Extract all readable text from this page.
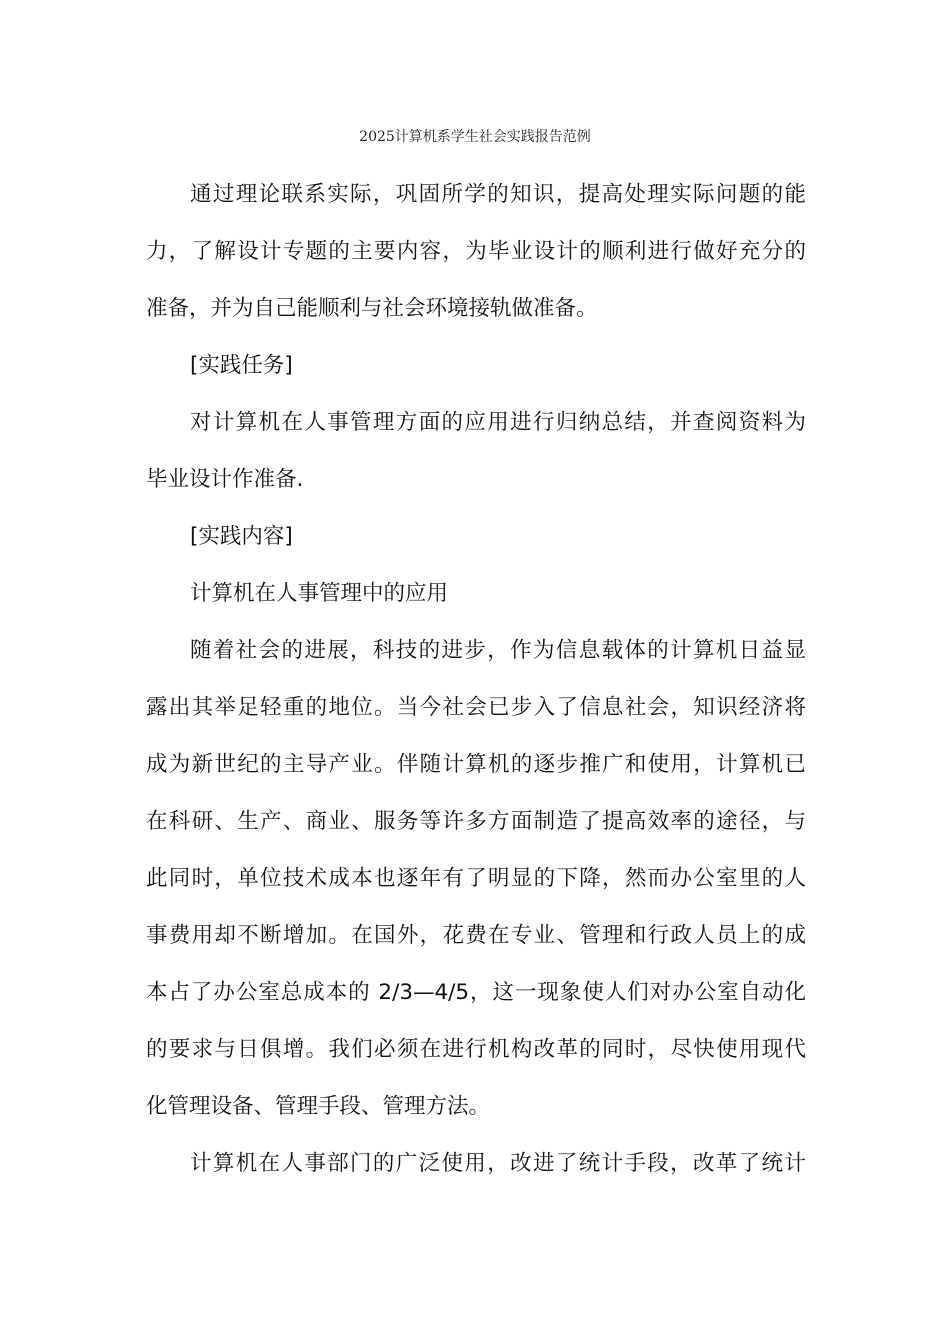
2025计算机系学生社会实践报告范例
通过理论联系实际，巩固所学的知识，提高处理实际问题的能
力，了解设计专题的主要内容，为毕业设计的顺利进行做好充分的
准备，并为自己能顺利与社会环境接轨做准备。
[实践任务]
对计算机在人事管理方面的应用进行归纳总结，并查阅资料为
毕业设计作准备.
[实践内容]
计算机在人事管理中的应用
随着社会的进展，科技的进步，作为信息载体的计算机日益显
露出其举足轻重的地位。当今社会已步入了信息社会，知识经济将
成为新世纪的主导产业。伴随计算机的逐步推广和使用，计算机已
在科研、生产、商业、服务等许多方面制造了提高效率的途径，与
此同时，单位技术成本也逐年有了明显的下降，然而办公室里的人
事费用却不断增加。在国外，花费在专业、管理和行政人员上的成
本占了办公室总成本的 2/3—4/5，这一现象使人们对办公室自动化
的要求与日俱增。我们必须在进行机构改革的同时，尽快使用现代
化管理设备、管理手段、管理方法。
计算机在人事部门的广泛使用，改进了统计手段，改革了统计
